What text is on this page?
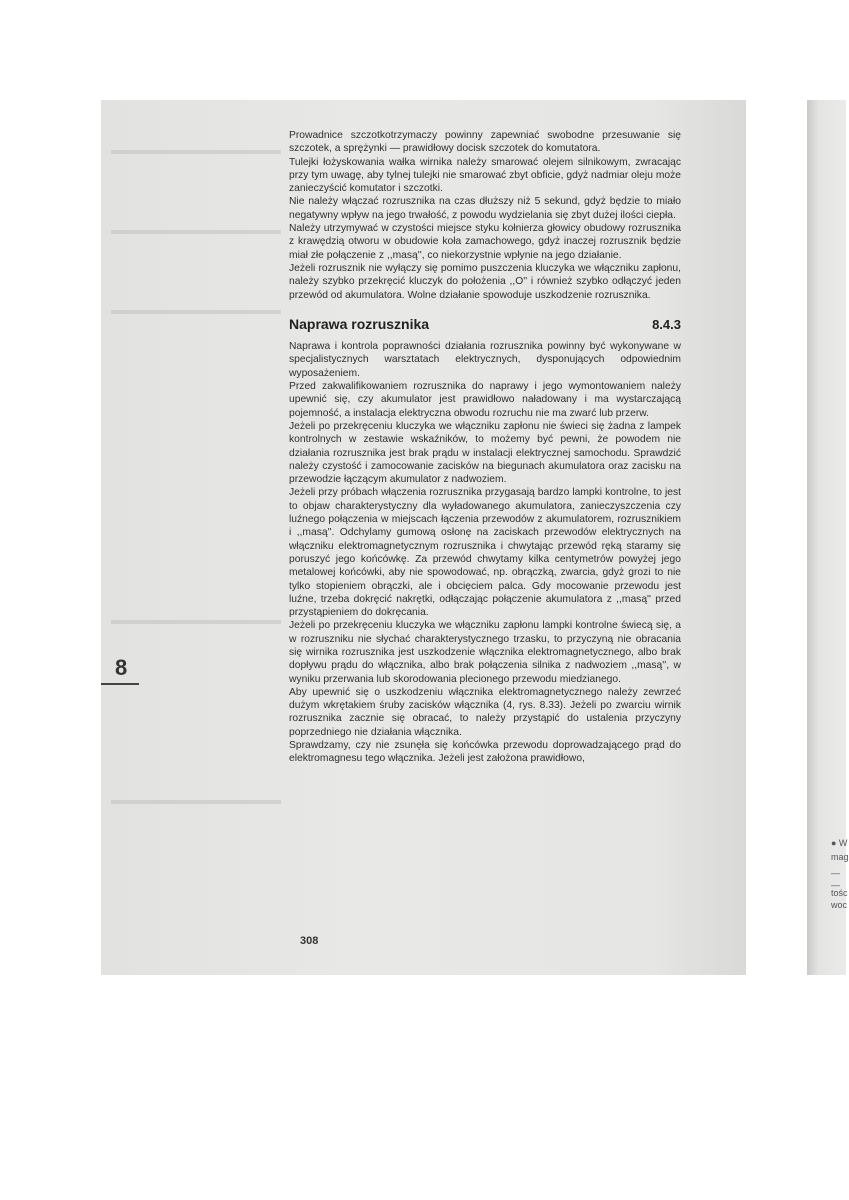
8

Prowadnice szczotkotrzymaczy powinny zapewniać swobodne przesuwanie się szczotek, a sprężynki — prawidłowy docisk szczotek do komutatora.

Tulejki łożyskowania wałka wirnika należy smarować olejem silnikowym, zwracając przy tym uwagę, aby tylnej tulejki nie smarować zbyt obficie, gdyż nadmiar oleju może zanieczyścić komutator i szczotki.

Nie należy włączać rozrusznika na czas dłuższy niż 5 sekund, gdyż będzie to miało negatywny wpływ na jego trwałość, z powodu wydzielania się zbyt dużej ilości ciepła.

Należy utrzymywać w czystości miejsce styku kołnierza głowicy obudowy rozrusznika z krawędzią otworu w obudowie koła zamachowego, gdyż inaczej rozrusznik będzie miał złe połączenie z ,,masą'', co niekorzystnie wpłynie na jego działanie.

Jeżeli rozrusznik nie wyłączy się pomimo puszczenia kluczyka we włączniku zapłonu, należy szybko przekręcić kluczyk do położenia ,,O'' i również szybko odłączyć jeden przewód od akumulatora. Wolne działanie spowoduje uszkodzenie rozrusznika.

Naprawa rozrusznika	8.4.3

Naprawa i kontrola poprawności działania rozrusznika powinny być wykonywane w specjalistycznych warsztatach elektrycznych, dysponujących odpowiednim wyposażeniem.

Przed zakwalifikowaniem rozrusznika do naprawy i jego wymontowaniem należy upewnić się, czy akumulator jest prawidłowo naładowany i ma wystarczającą pojemność, a instalacja elektryczna obwodu rozruchu nie ma zwarć lub przerw.

Jeżeli po przekręceniu kluczyka we włączniku zapłonu nie świeci się żadna z lampek kontrolnych w zestawie wskaźników, to możemy być pewni, że powodem nie działania rozrusznika jest brak prądu w instalacji elektrycznej samochodu. Sprawdzić należy czystość i zamocowanie zacisków na biegunach akumulatora oraz zacisku na przewodzie łączącym akumulator z nadwoziem.

Jeżeli przy próbach włączenia rozrusznika przygasają bardzo lampki kontrolne, to jest to objaw charakterystyczny dla wyładowanego akumulatora, zanieczyszczenia czy luźnego połączenia w miejscach łączenia przewodów z akumulatorem, rozrusznikiem i ,,masą''. Odchylamy gumową osłonę na zaciskach przewodów elektrycznych na włączniku elektromagnetycznym rozrusznika i chwytając przewód ręką staramy się poruszyć jego końcówkę. Za przewód chwytamy kilka centymetrów powyżej jego metalowej końcówki, aby nie spowodować, np. obrączką, zwarcia, gdyż grozi to nie tylko stopieniem obrączki, ale i obcięciem palca. Gdy mocowanie przewodu jest luźne, trzeba dokręcić nakrętki, odłączając połączenie akumulatora z ,,masą'' przed przystąpieniem do dokręcania.

Jeżeli po przekręceniu kluczyka we włączniku zapłonu lampki kontrolne świecą się, a w rozruszniku nie słychać charakterystycznego trzasku, to przyczyną nie obracania się wirnika rozrusznika jest uszkodzenie włącznika elektromagnetycznego, albo brak dopływu prądu do włącznika, albo brak połączenia silnika z nadwoziem ,,masą'', w wyniku przerwania lub skorodowania plecionego przewodu miedzianego.

Aby upewnić się o uszkodzeniu włącznika elektromagnetycznego należy zewrzeć dużym wkrętakiem śruby zacisków włącznika (4, rys. 8.33). Jeżeli po zwarciu wirnik rozrusznika zacznie się obracać, to należy przystąpić do ustalenia przyczyny poprzedniego nie działania włącznika.

Sprawdzamy, czy nie zsunęła się końcówka przewodu doprowadzającego prąd do elektromagnesu tego włącznika. Jeżeli jest założona prawidłowo,

308
● W
mag
—
—
tośc
woc
